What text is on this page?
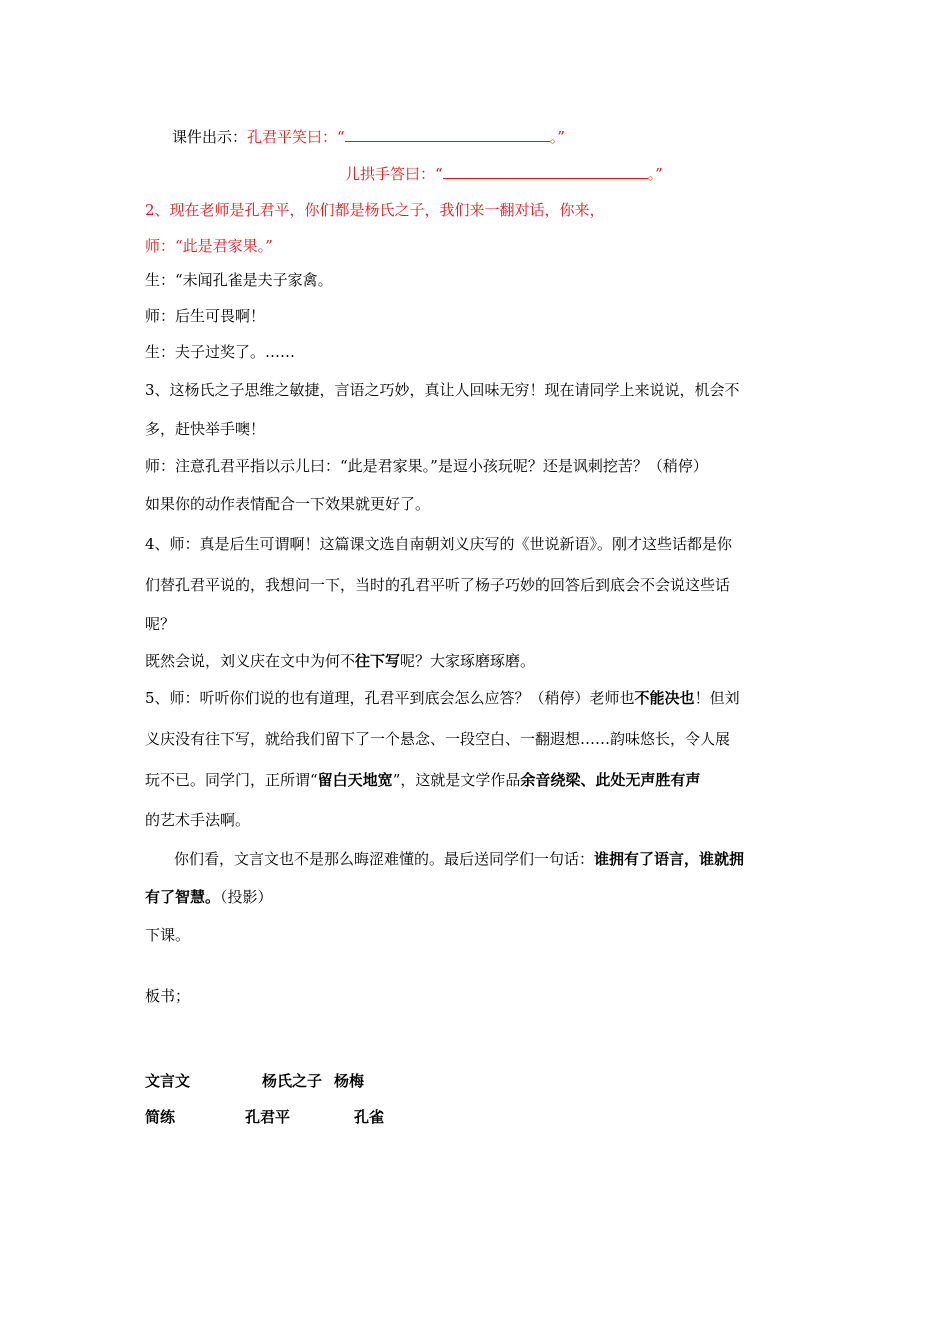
课件出示：孔君平笑曰：“	。”
儿拱手答曰：“	。”
2、现在老师是孔君平，你们都是杨氏之子，我们来一翻对话，你来，
师：“此是君家果。”
生：“未闻孔雀是夫子家禽。
师：后生可畏啊！
生：夫子过奖了。……
3、这杨氏之子思维之敏捷，言语之巧妙，真让人回味无穷！现在请同学上来说说，机会不
多，赶快举手噢！
师：注意孔君平指以示儿曰：“此是君家果。”是逗小孩玩呢？还是讽刺挖苦？（稍停）
如果你的动作表情配合一下效果就更好了。
4、师：真是后生可谓啊！这篇课文选自南朝刘义庆写的《世说新语》。刚才这些话都是你
们替孔君平说的，我想问一下，当时的孔君平听了杨子巧妙的回答后到底会不会说这些话
呢？
既然会说，刘义庆在文中为何不往下写呢？大家琢磨琢磨。
5、师：听听你们说的也有道理，孔君平到底会怎么应答？（稍停）老师也不能决也！但刘
义庆没有往下写，就给我们留下了一个悬念、一段空白、一翻遐想……韵味悠长，令人展
玩不已。同学门，正所谓“留白天地宽”，这就是文学作品余音绕梁、此处无声胜有声
的艺术手法啊。
你们看，文言文也不是那么晦涩难懂的。最后送同学们一句话：谁拥有了语言，谁就拥
有了智慧。（投影）
下课。
板书；
文言文	杨氏之子 杨梅
简练	孔君平	孔雀
